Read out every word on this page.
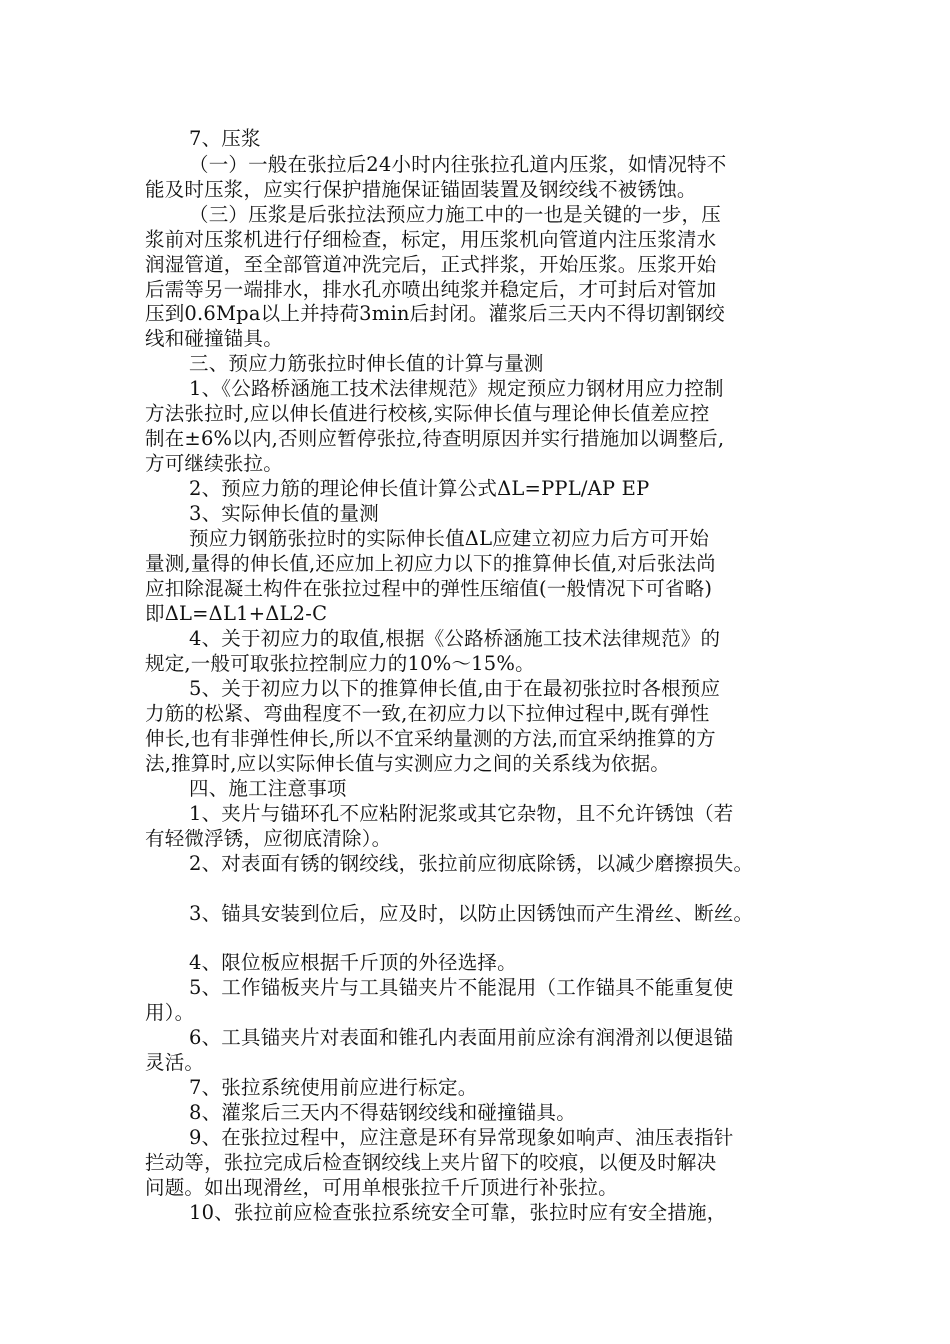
7、压浆
（一）一般在张拉后24小时内往张拉孔道内压浆，如情况特不
能及时压浆，应实行保护措施保证锚固装置及钢绞线不被锈蚀。
（三）压浆是后张拉法预应力施工中的一也是关键的一步，压
浆前对压浆机进行仔细检查，标定，用压浆机向管道内注压浆清水
润湿管道，至全部管道冲洗完后，正式拌浆，开始压浆。压浆开始
后需等另一端排水，排水孔亦喷出纯浆并稳定后，才可封后对管加
压到0.6Mpa以上并持荷3min后封闭。灌浆后三天内不得切割钢绞
线和碰撞锚具。
三、预应力筋张拉时伸长值的计算与量测
1、《公路桥涵施工技术法律规范》规定预应力钢材用应力控制
方法张拉时,应以伸长值进行校核,实际伸长值与理论伸长值差应控
制在±6%以内,否则应暂停张拉,待查明原因并实行措施加以调整后,
方可继续张拉。
2、预应力筋的理论伸长值计算公式ΔL=PPL/AP EP
3、实际伸长值的量测
预应力钢筋张拉时的实际伸长值ΔL应建立初应力后方可开始
量测,量得的伸长值,还应加上初应力以下的推算伸长值,对后张法尚
应扣除混凝土构件在张拉过程中的弹性压缩值(一般情况下可省略)
即ΔL=ΔL1+ΔL2-C
4、关于初应力的取值,根据《公路桥涵施工技术法律规范》的
规定,一般可取张拉控制应力的10%～15%。
5、关于初应力以下的推算伸长值,由于在最初张拉时各根预应
力筋的松紧、弯曲程度不一致,在初应力以下拉伸过程中,既有弹性
伸长,也有非弹性伸长,所以不宜采纳量测的方法,而宜采纳推算的方
法,推算时,应以实际伸长值与实测应力之间的关系线为依据。
四、施工注意事项
1、夹片与锚环孔不应粘附泥浆或其它杂物，且不允许锈蚀（若
有轻微浮锈，应彻底清除）。
2、对表面有锈的钢绞线，张拉前应彻底除锈，以减少磨擦损失。
3、锚具安装到位后，应及时，以防止因锈蚀而产生滑丝、断丝。
4、限位板应根据千斤顶的外径选择。
5、工作锚板夹片与工具锚夹片不能混用（工作锚具不能重复使
用）。
6、工具锚夹片对表面和锥孔内表面用前应涂有润滑剂以便退锚
灵活。
7、张拉系统使用前应进行标定。
8、灌浆后三天内不得菇钢绞线和碰撞锚具。
9、在张拉过程中，应注意是环有异常现象如响声、油压表指针
拦动等，张拉完成后检查钢绞线上夹片留下的咬痕，以便及时解决
问题。如出现滑丝，可用单根张拉千斤顶进行补张拉。
10、张拉前应检查张拉系统安全可靠，张拉时应有安全措施，
